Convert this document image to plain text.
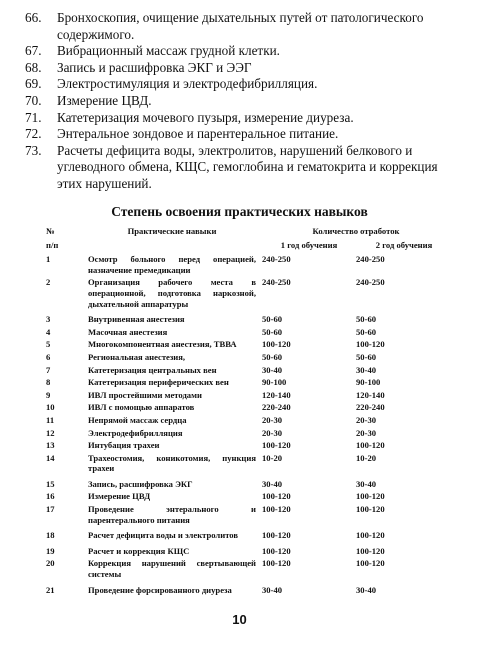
66. Бронхоскопия, очищение дыхательных путей от патологического содержимого.
67. Вибрационный массаж грудной клетки.
68. Запись и расшифровка ЭКГ и ЭЭГ
69. Электростимуляция и электродефибрилляция.
70. Измерение ЦВД.
71. Катетеризация мочевого пузыря, измерение диуреза.
72. Энтеральное зондовое и парентеральное питание.
73. Расчеты дефицита воды, электролитов, нарушений белкового и углеводного обмена, КЩС, гемоглобина и гематокрита и коррекция этих нарушений.
Степень освоения практических навыков
№	Практические навыки	Количество отработок	
п/п		1 год обучения	2 год обучения
1	Осмотр больного перед операцией, назначение премедикации	240-250	240-250
2	Организация рабочего места в операционной, подготовка наркозной, дыхательной аппаратуры	240-250	240-250
3	Внутривенная анестезия	50-60	50-60
4	Масочная анестезия	50-60	50-60
5	Многокомпонентная анестезия, ТВВА	100-120	100-120
6	Региональная анестезия,	50-60	50-60
7	Катетеризация центральных вен	30-40	30-40
8	Катетеризация периферических вен	90-100	90-100
9	ИВЛ простейшими методами	120-140	120-140
10	ИВЛ с помощью аппаратов	220-240	220-240
11	Непрямой массаж сердца	20-30	20-30
12	Электродефибрилляция	20-30	20-30
13	Интубация трахеи	100-120	100-120
14	Трахеостомия, коникотомия, пункция трахеи	10-20	10-20
15	Запись, расшифровка ЭКГ	30-40	30-40
16	Измерение ЦВД	100-120	100-120
17	Проведение энтерального и парентерального питания	100-120	100-120
18	Расчет дефицита воды и электролитов	100-120	100-120
19	Расчет и коррекция КЩС	100-120	100-120
20	Коррекция нарушений свертывающей системы	100-120	100-120
21	Проведение форсированного диуреза	30-40	30-40
10
